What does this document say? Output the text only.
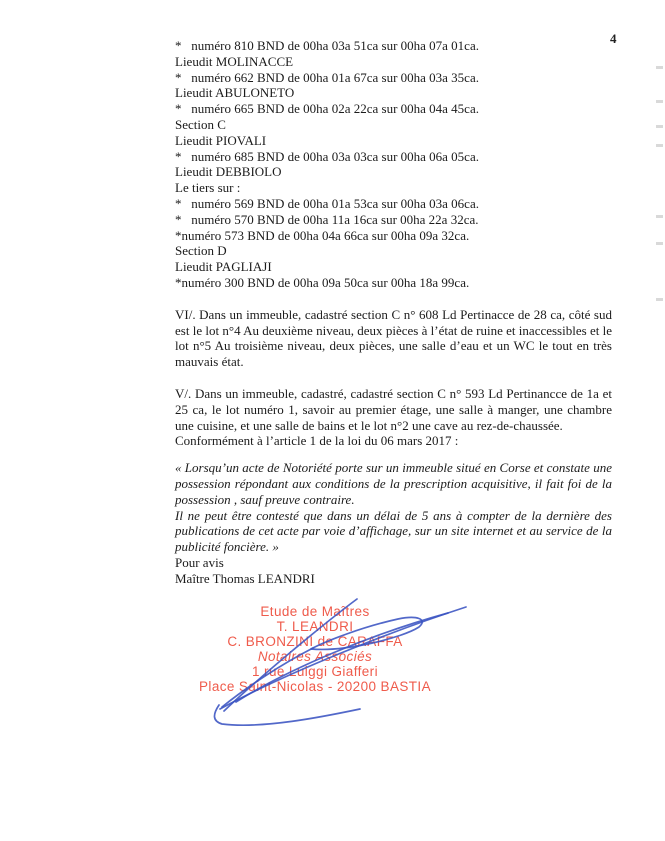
4
*   numéro 810 BND de 00ha 03a 51ca sur 00ha 07a 01ca.
Lieudit MOLINACCE
*   numéro 662 BND de 00ha 01a 67ca sur 00ha 03a 35ca.
Lieudit ABULONETO
*   numéro 665 BND de 00ha 02a 22ca sur 00ha 04a 45ca.
Section C
Lieudit PIOVALI
*   numéro 685 BND de 00ha 03a 03ca sur 00ha 06a 05ca.
Lieudit DEBBIOLO
Le tiers sur :
*   numéro 569 BND de 00ha 01a 53ca sur 00ha 03a 06ca.
*   numéro 570 BND de 00ha 11a 16ca sur 00ha 22a 32ca.
*numéro 573 BND de 00ha 04a 66ca sur 00ha 09a 32ca.
Section D
Lieudit PAGLIAJI
*numéro 300 BND de 00ha 09a 50ca sur 00ha 18a 99ca.
VI/. Dans un immeuble, cadastré section C n° 608 Ld Pertinacce de 28 ca, côté sud est le lot n°4 Au deuxième niveau, deux pièces à l’état de ruine et inaccessibles et le lot n°5 Au troisième niveau, deux pièces, une salle d’eau et un WC le tout en très mauvais état.
V/. Dans un immeuble, cadastré, cadastré section C n° 593 Ld Pertinancce de 1a et 25 ca, le lot numéro 1, savoir au premier étage, une salle à manger, une chambre une cuisine, et une salle de bains et le lot n°2 une cave au rez-de-chaussée.
Conformément à l’article 1 de la loi du 06 mars 2017 :
« Lorsqu’un acte de Notoriété porte sur un immeuble situé en Corse et constate une possession répondant aux conditions de la prescription acquisitive, il fait foi de la possession , sauf preuve contraire.
Il ne peut être contesté que dans un délai de 5 ans à compter de la dernière des publications de cet acte par voie d’affichage, sur un site internet et au service de la publicité foncière. »
Pour avis
Maître Thomas LEANDRI
Etude de Maîtres
T. LEANDRI
C. BRONZINI de CARAFFA
Notaires Associés
1 rue Luiggi Giafferi
Place Saint-Nicolas - 20200 BASTIA
